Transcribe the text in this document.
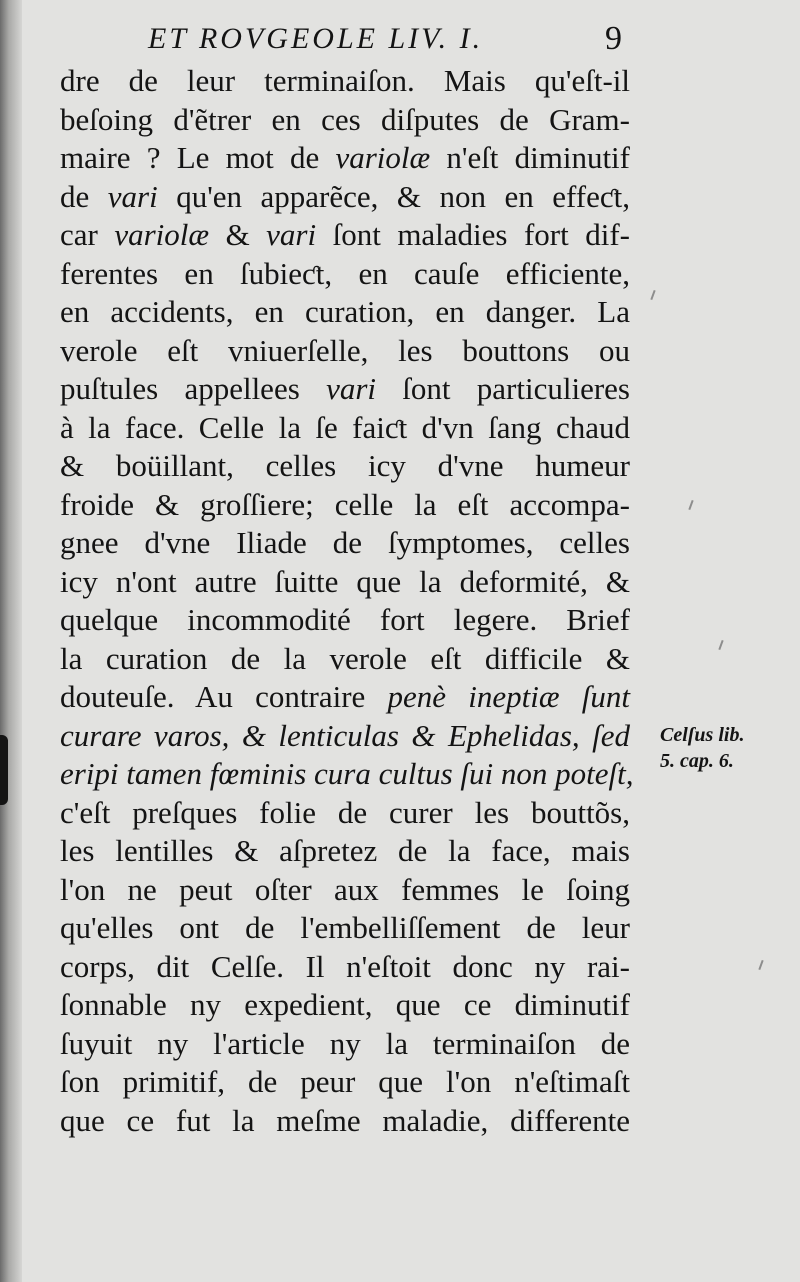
ET ROVGEOLE LIV. I.	9
dre de leur terminaiſon. Mais qu'eſt-il
beſoing d'ẽtrer en ces diſputes de Gram-
maire ? Le mot de variolæ n'eſt diminutif
de vari qu'en apparẽce, & non en effeƈt,
car variolæ & vari ſont maladies fort dif-
ferentes en ſubieƈt, en cauſe efficiente,
en accidents, en curation, en danger. La
verole eſt vniuerſelle, les bouttons ou
puſtules appellees vari ſont particulieres
à la face. Celle la ſe faiƈt d'vn ſang chaud
& boüillant, celles icy d'vne humeur
froide & groſſiere; celle la eſt accompa-
gnee d'vne Iliade de ſymptomes, celles
icy n'ont autre ſuitte que la deformité, &
quelque incommodité fort legere. Brief
la curation de la verole eſt difficile &
douteuſe. Au contraire penè ineptiæ ſunt
curare varos, & lenticulas & Ephelidas, ſed
eripi tamen fœminis cura cultus ſui non poteſt,
c'eſt preſques folie de curer les bouttõs,
les lentilles & aſpretez de la face, mais
l'on ne peut oſter aux femmes le ſoing
qu'elles ont de l'embelliſſement de leur
corps, dit Celſe. Il n'eſtoit donc ny rai-
ſonnable ny expedient, que ce diminutif
ſuyuit ny l'article ny la terminaiſon de
ſon primitif, de peur que l'on n'eſtimaſt
que ce fut la meſme maladie, differente
Celſus lib.
5. cap. 6.
